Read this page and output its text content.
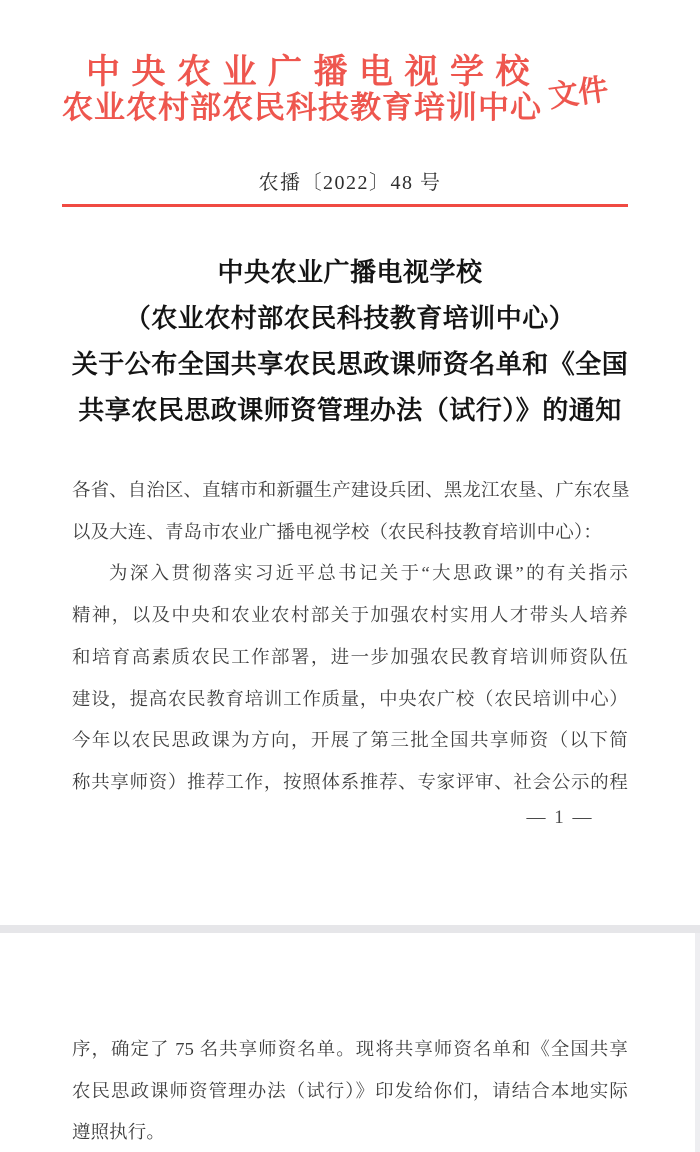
中央农业广播电视学校
农业农村部农民科技教育培训中心 文件
农播〔2022〕48 号
中央农业广播电视学校
（农业农村部农民科技教育培训中心）
关于公布全国共享农民思政课师资名单和《全国
共享农民思政课师资管理办法（试行）》的通知
各省、自治区、直辖市和新疆生产建设兵团、黑龙江农垦、广东农垦
以及大连、青岛市农业广播电视学校（农民科技教育培训中心）：
为深入贯彻落实习近平总书记关于“大思政课”的有关指示
精神，以及中央和农业农村部关于加强农村实用人才带头人培养
和培育高素质农民工作部署，进一步加强农民教育培训师资队伍
建设，提高农民教育培训工作质量，中央农广校（农民培训中心）
今年以农民思政课为方向，开展了第三批全国共享师资（以下简
称共享师资）推荐工作，按照体系推荐、专家评审、社会公示的程
— 1 —
序，确定了 75 名共享师资名单。现将共享师资名单和《全国共享
农民思政课师资管理办法（试行）》印发给你们，请结合本地实际
遵照执行。
